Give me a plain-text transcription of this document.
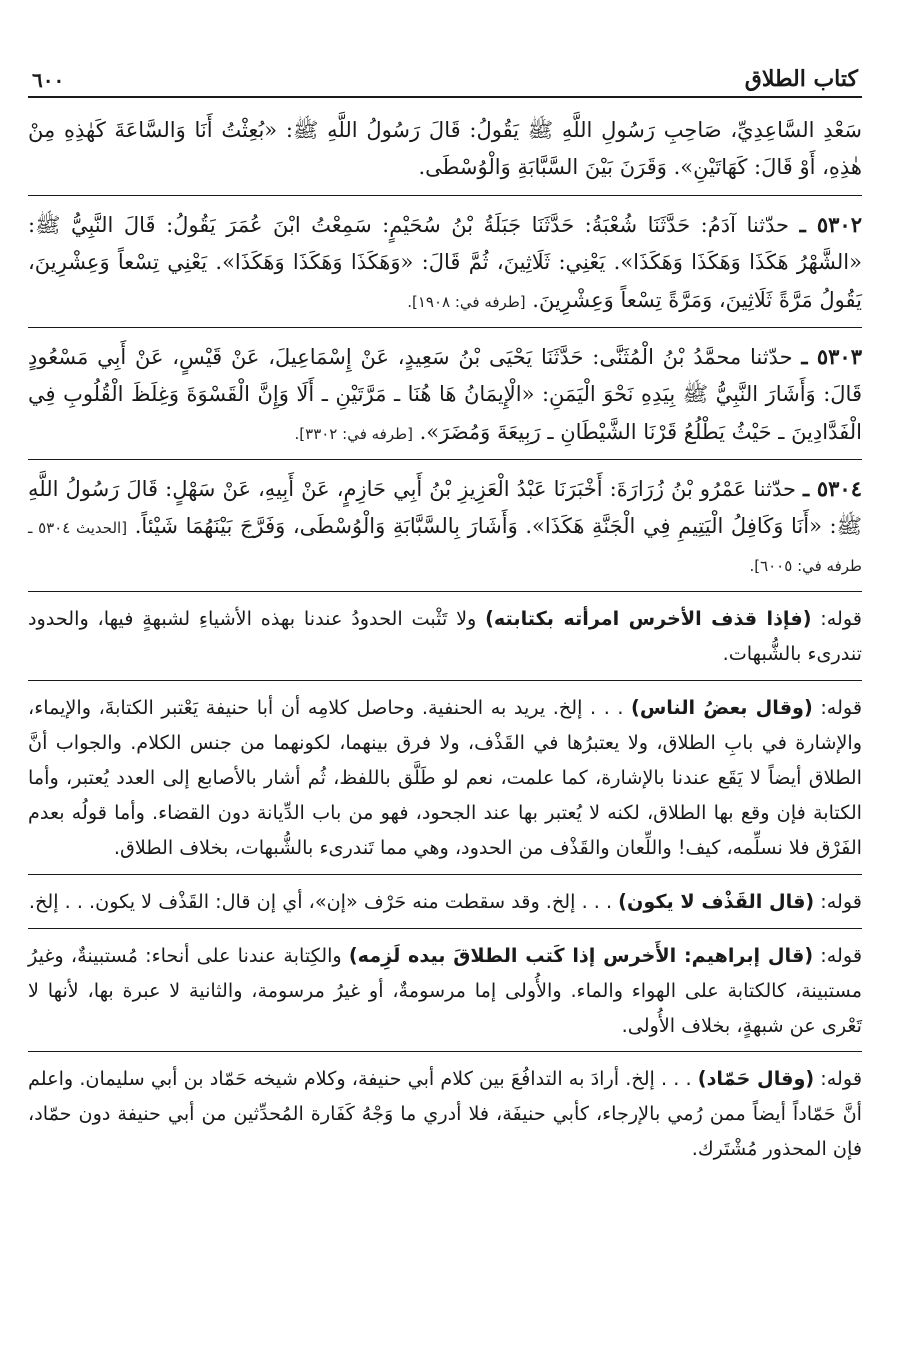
كتاب الطلاق
٦٠٠

سَعْدِ السَّاعِدِيِّ، صَاحِبِ رَسُولِ اللَّهِ ﷺ يَقُولُ: قَالَ رَسُولُ اللَّهِ ﷺ: «بُعِثْتُ أَنَا وَالسَّاعَةَ كَهٰذِهِ مِنْ هٰذِهِ، أَوْ قَالَ: كَهَاتَيْنِ». وَقَرَنَ بَيْنَ السَّبَّابَةِ وَالْوُسْطَى.

٥٣٠٢ ـ حدّثنا آدَمُ: حَدَّثَنَا شُعْبَةُ: حَدَّثَنَا جَبَلَةُ بْنُ سُحَيْمٍ: سَمِعْتُ ابْنَ عُمَرَ يَقُولُ: قَالَ النَّبِيُّ ﷺ: «الشَّهْرُ هَكَذَا وَهَكَذَا وَهَكَذَا». يَعْنِي: ثَلَاثِينَ، ثُمَّ قَالَ: «وَهَكَذَا وَهَكَذَا وَهَكَذَا». يَعْنِي تِسْعاً وَعِشْرِينَ، يَقُولُ مَرَّةً ثَلَاثِينَ، وَمَرَّةً تِسْعاً وَعِشْرِينَ. [طرفه في: ١٩٠٨].

٥٣٠٣ ـ حدّثنا محمَّدُ بْنُ الْمُثَنَّى: حَدَّثَنَا يَحْيَى بْنُ سَعِيدٍ، عَنْ إِسْمَاعِيلَ، عَنْ قَيْسٍ، عَنْ أَبِي مَسْعُودٍ قَالَ: وَأَشَارَ النَّبِيُّ ﷺ بِيَدِهِ نَحْوَ الْيَمَنِ: «الْإِيمَانُ هَا هُنَا ـ مَرَّتَيْنِ ـ أَلَا وَإِنَّ الْقَسْوَةَ وَغِلَظَ الْقُلُوبِ فِي الْفَدَّادِينَ ـ حَيْثُ يَطْلُعُ قَرْنَا الشَّيْطَانِ ـ رَبِيعَةَ وَمُضَرَ». [طرفه في: ٣٣٠٢].

٥٣٠٤ ـ حدّثنا عَمْرُو بْنُ زُرَارَةَ: أَخْبَرَنَا عَبْدُ الْعَزِيزِ بْنُ أَبِي حَازِمٍ، عَنْ أَبِيهِ، عَنْ سَهْلٍ: قَالَ رَسُولُ اللَّهِ ﷺ: «أَنَا وَكَافِلُ الْيَتِيمِ فِي الْجَنَّةِ هَكَذَا». وَأَشَارَ بِالسَّبَّابَةِ وَالْوُسْطَى، وَفَرَّجَ بَيْنَهُمَا شَيْئاً. [الحديث ٥٣٠٤ ـ طرفه في: ٦٠٠٥].

قوله: (فإذا قذف الأخرس امرأته بكتابته) ولا تَثْبت الحدودُ عندنا بهذه الأشياءِ لشبهةٍ فيها، والحدود تندرىء بالشُّبهات.

قوله: (وقال بعضُ الناس) . . . إلخ. يريد به الحنفية. وحاصل كلامِه أن أبا حنيفة يَعْتبر الكتابةَ، والإيماء، والإشارة في بابِ الطلاق، ولا يعتبرُها في القَذْف، ولا فرق بينهما، لكونهما من جنس الكلام. والجواب أنَّ الطلاق أيضاً لا يَقَع عندنا بالإشارة، كما علمت، نعم لو طَلَّق باللفظ، ثُم أشار بالأصابع إلى العدد يُعتبر، وأما الكتابة فإن وقع بها الطلاق، لكنه لا يُعتبر بها عند الجحود، فهو من باب الدِّيانة دون القضاء. وأما قولُه بعدم الفَرْق فلا نسلِّمه، كيف! واللِّعان والقَذْف من الحدود، وهي مما تَندرىء بالشُّبهات، بخلاف الطلاق.

قوله: (قال القَذْف لا يكون) . . . إلخ. وقد سقطت منه حَرْف «إن»، أي إن قال: القَذْف لا يكون. . . إلخ.

قوله: (قال إبراهيم: الأَخرس إذا كَتب الطلاقَ بيده لَزِمه) والكِتابة عندنا على أنحاء: مُستبينةٌ، وغيرُ مستبينة، كالكتابة على الهواء والماء. والأُولى إما مرسومةٌ، أو غيرُ مرسومة، والثانية لا عبرة بها، لأنها لا تَعْرى عن شبهةٍ، بخلاف الأُولى.

قوله: (وقال حَمّاد) . . . إلخ. أرادَ به التدافُعَ بين كلام أبي حنيفة، وكلام شيخه حَمّاد بن أبي سليمان. واعلم أنَّ حَمّاداً أيضاً ممن رُمي بالإرجاء، كأبي حنيفَة، فلا أدري ما وَجْهُ كَفَارة المُحدِّثين من أبي حنيفة دون حمّاد، فإن المحذور مُشْتَرك.
